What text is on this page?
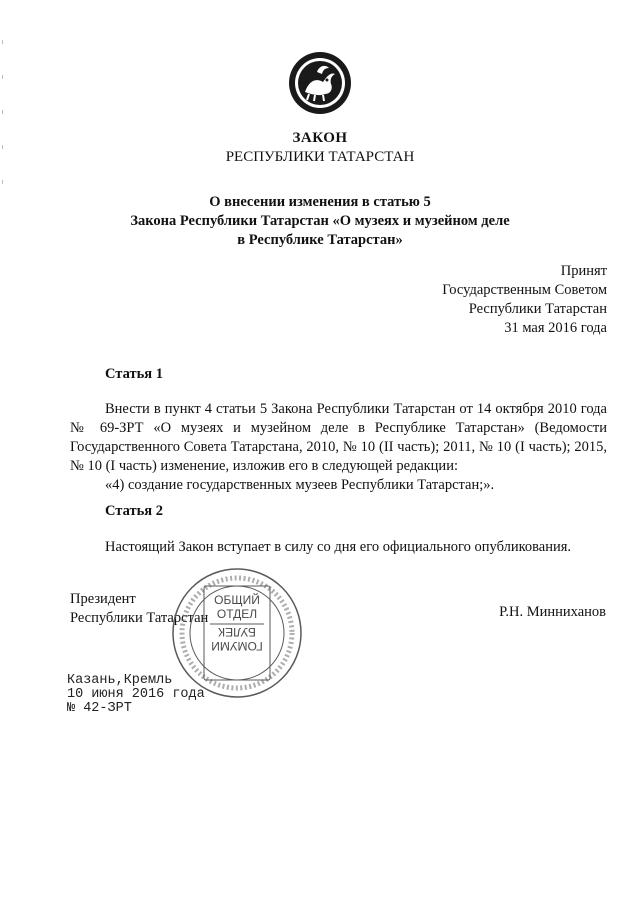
ЗАКОН
РЕСПУБЛИКИ ТАТАРСТАН
О внесении изменения в статью 5
Закона Республики Татарстан «О музеях и музейном деле
в Республике Татарстан»
Принят
Государственным Советом
Республики Татарстан
31 мая 2016 года
Статья 1
Внести в пункт 4 статьи 5 Закона Республики Татарстан от 14 октября 2010 года № 69-ЗРТ «О музеях и музейном деле в Республике Татарстан» (Ведомости Государственного Совета Татарстана, 2010, № 10 (II часть); 2011, № 10 (I часть); 2015, № 10 (I часть) изменение, изложив его в следующей редакции:
«4) создание государственных музеев Республики Татарстан;».
Статья 2
Настоящий Закон вступает в силу со дня его официального опубликования.
Президент
Республики Татарстан	Р.Н. Минниханов
ОБЩИЙ
ОТДЕЛ
БУЛЕК
ГОМУМИ
Казань,Кремль
10 июня 2016 года
№ 42-ЗРТ
